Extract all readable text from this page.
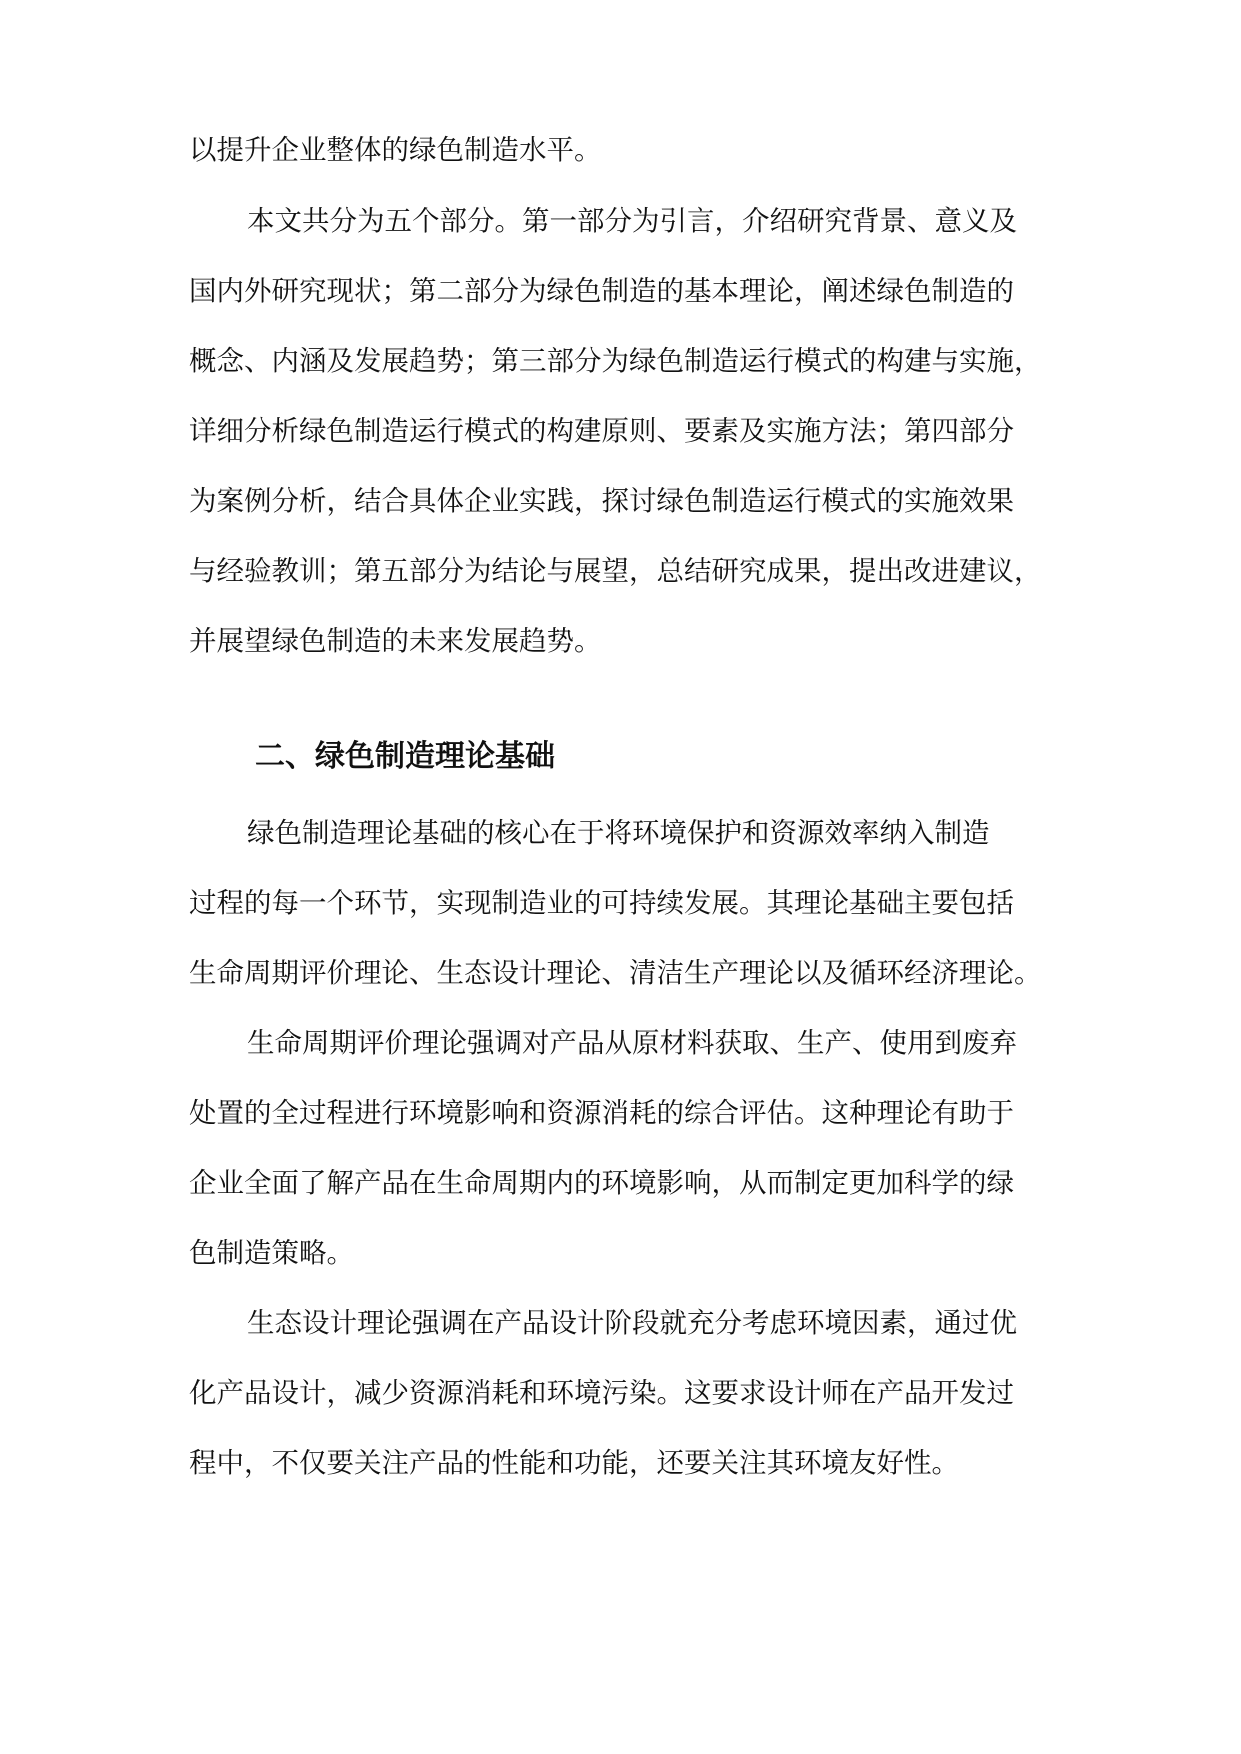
以提升企业整体的绿色制造水平。
本文共分为五个部分。第一部分为引言，介绍研究背景、意义及
国内外研究现状；第二部分为绿色制造的基本理论，阐述绿色制造的
概念、内涵及发展趋势；第三部分为绿色制造运行模式的构建与实施，
详细分析绿色制造运行模式的构建原则、要素及实施方法；第四部分
为案例分析，结合具体企业实践，探讨绿色制造运行模式的实施效果
与经验教训；第五部分为结论与展望，总结研究成果，提出改进建议，
并展望绿色制造的未来发展趋势。
二、绿色制造理论基础
绿色制造理论基础的核心在于将环境保护和资源效率纳入制造
过程的每一个环节，实现制造业的可持续发展。其理论基础主要包括
生命周期评价理论、生态设计理论、清洁生产理论以及循环经济理论。
生命周期评价理论强调对产品从原材料获取、生产、使用到废弃
处置的全过程进行环境影响和资源消耗的综合评估。这种理论有助于
企业全面了解产品在生命周期内的环境影响，从而制定更加科学的绿
色制造策略。
生态设计理论强调在产品设计阶段就充分考虑环境因素，通过优
化产品设计，减少资源消耗和环境污染。这要求设计师在产品开发过
程中，不仅要关注产品的性能和功能，还要关注其环境友好性。
